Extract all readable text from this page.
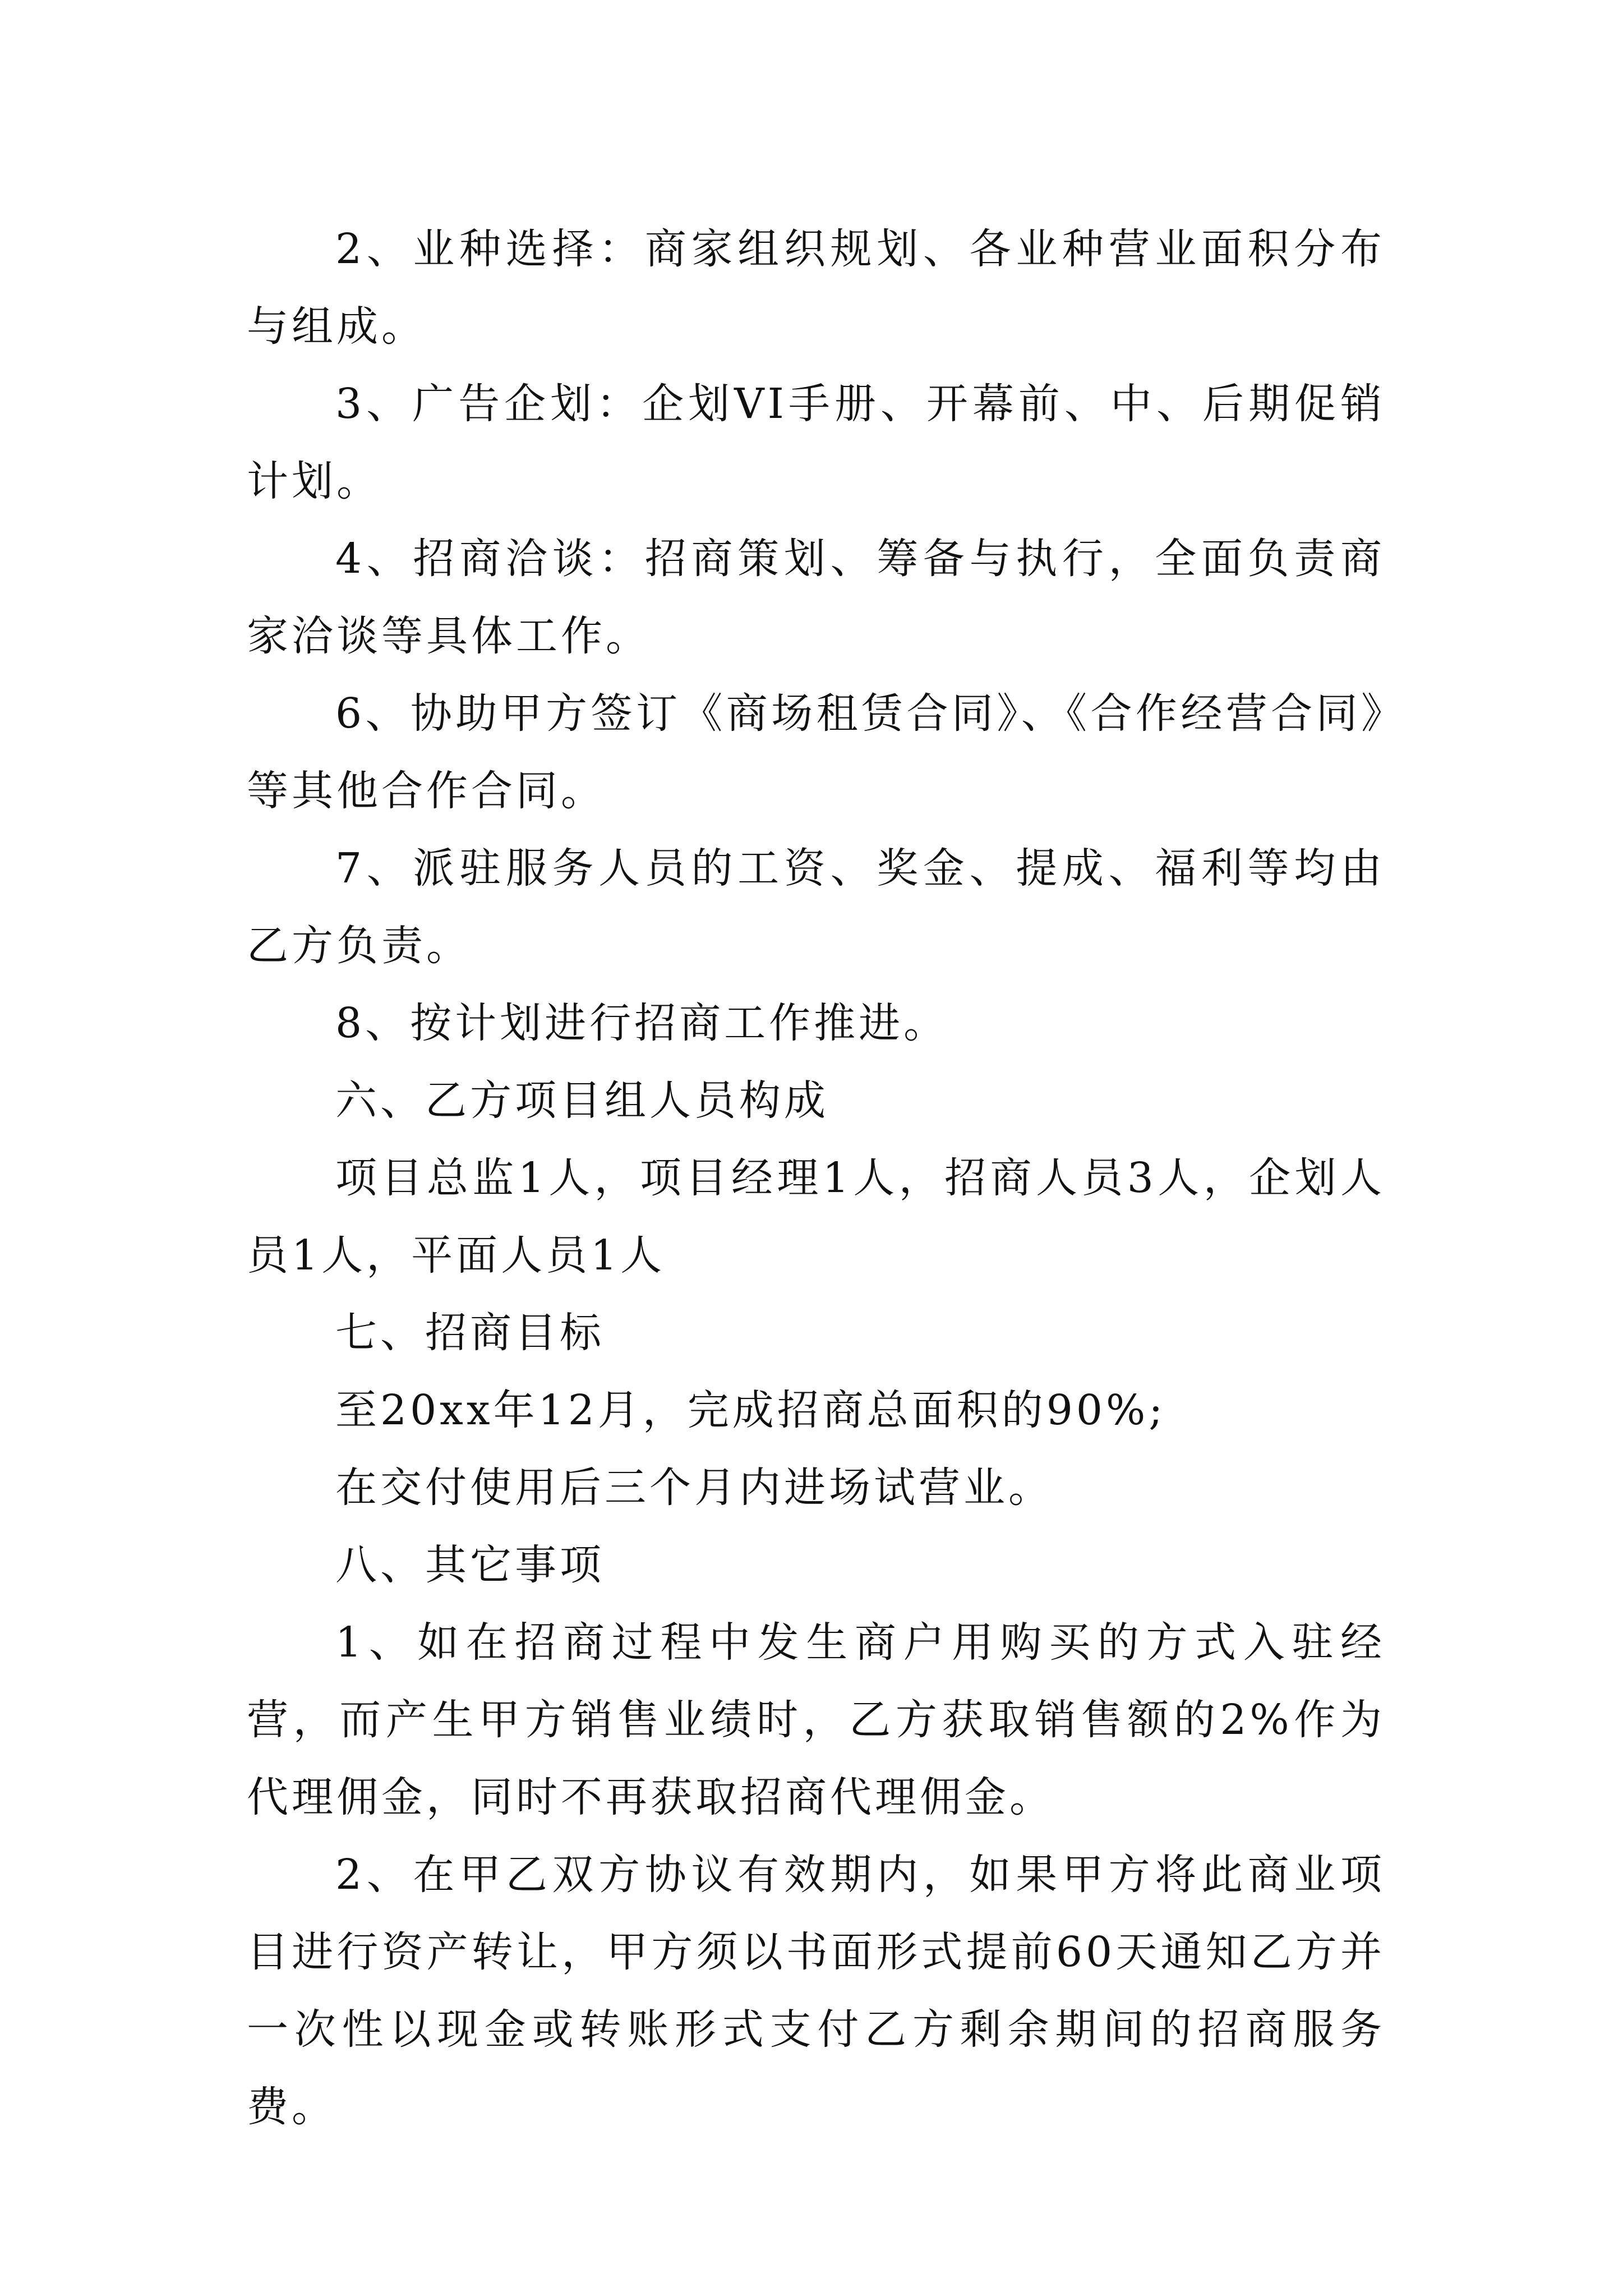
2、业种选择：商家组织规划、各业种营业面积分布与组成。

3、广告企划：企划VI手册、开幕前、中、后期促销计划。

4、招商洽谈：招商策划、筹备与执行，全面负责商家洽谈等具体工作。

6、协助甲方签订《商场租赁合同》、《合作经营合同》等其他合作合同。

7、派驻服务人员的工资、奖金、提成、福利等均由乙方负责。

8、按计划进行招商工作推进。

六、乙方项目组人员构成

项目总监1人，项目经理1人，招商人员3人，企划人员1人，平面人员1人

七、招商目标

至20xx年12月，完成招商总面积的90%;

在交付使用后三个月内进场试营业。

八、其它事项

1、如在招商过程中发生商户用购买的方式入驻经营，而产生甲方销售业绩时，乙方获取销售额的2%作为代理佣金，同时不再获取招商代理佣金。

2、在甲乙双方协议有效期内，如果甲方将此商业项目进行资产转让，甲方须以书面形式提前60天通知乙方并一次性以现金或转账形式支付乙方剩余期间的招商服务费。
